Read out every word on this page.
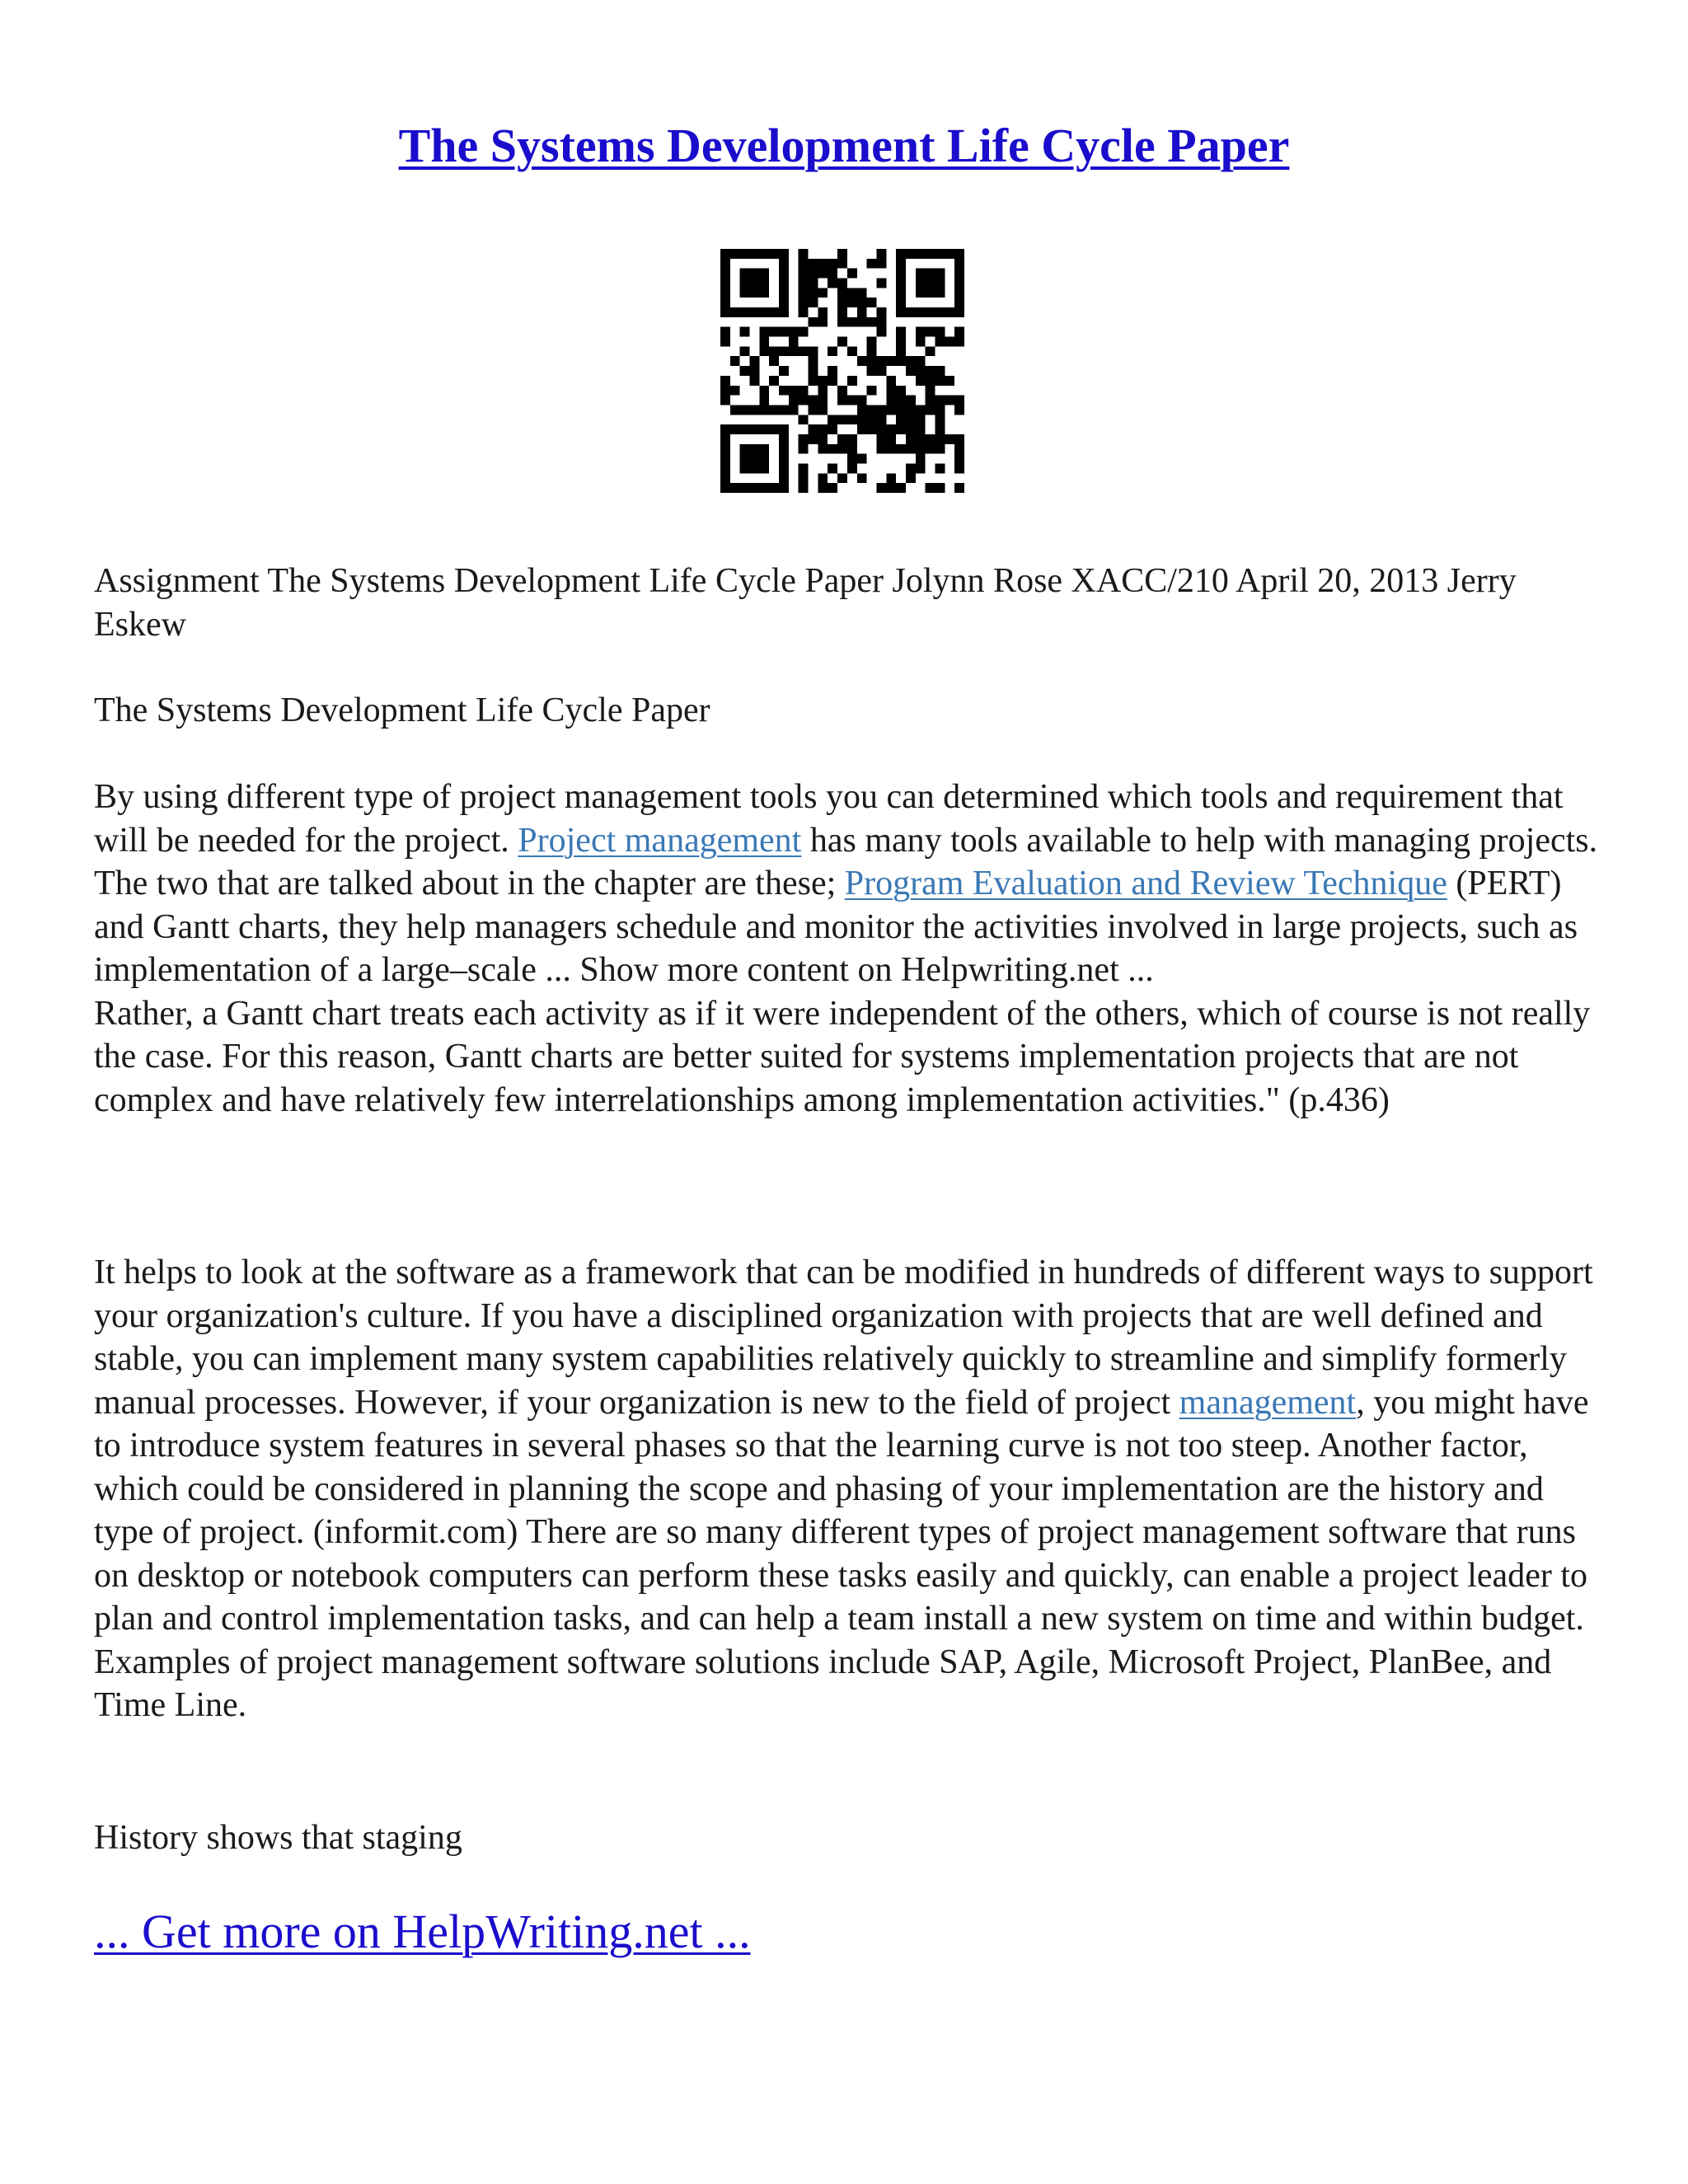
The Systems Development Life Cycle Paper

Assignment The Systems Development Life Cycle Paper Jolynn Rose XACC/210 April 20, 2013 Jerry Eskew

The Systems Development Life Cycle Paper

By using different type of project management tools you can determined which tools and requirement that will be needed for the project. Project management has many tools available to help with managing projects. The two that are talked about in the chapter are these; Program Evaluation and Review Technique (PERT) and Gantt charts, they help managers schedule and monitor the activities involved in large projects, such as implementation of a large–scale ... Show more content on Helpwriting.net ...
Rather, a Gantt chart treats each activity as if it were independent of the others, which of course is not really the case. For this reason, Gantt charts are better suited for systems implementation projects that are not complex and have relatively few interrelationships among implementation activities." (p.436)

It helps to look at the software as a framework that can be modified in hundreds of different ways to support your organization's culture. If you have a disciplined organization with projects that are well defined and stable, you can implement many system capabilities relatively quickly to streamline and simplify formerly manual processes. However, if your organization is new to the field of project management, you might have to introduce system features in several phases so that the learning curve is not too steep. Another factor, which could be considered in planning the scope and phasing of your implementation are the history and type of project. (informit.com) There are so many different types of project management software that runs on desktop or notebook computers can perform these tasks easily and quickly, can enable a project leader to plan and control implementation tasks, and can help a team install a new system on time and within budget. Examples of project management software solutions include SAP, Agile, Microsoft Project, PlanBee, and Time Line.

History shows that staging

... Get more on HelpWriting.net ...
